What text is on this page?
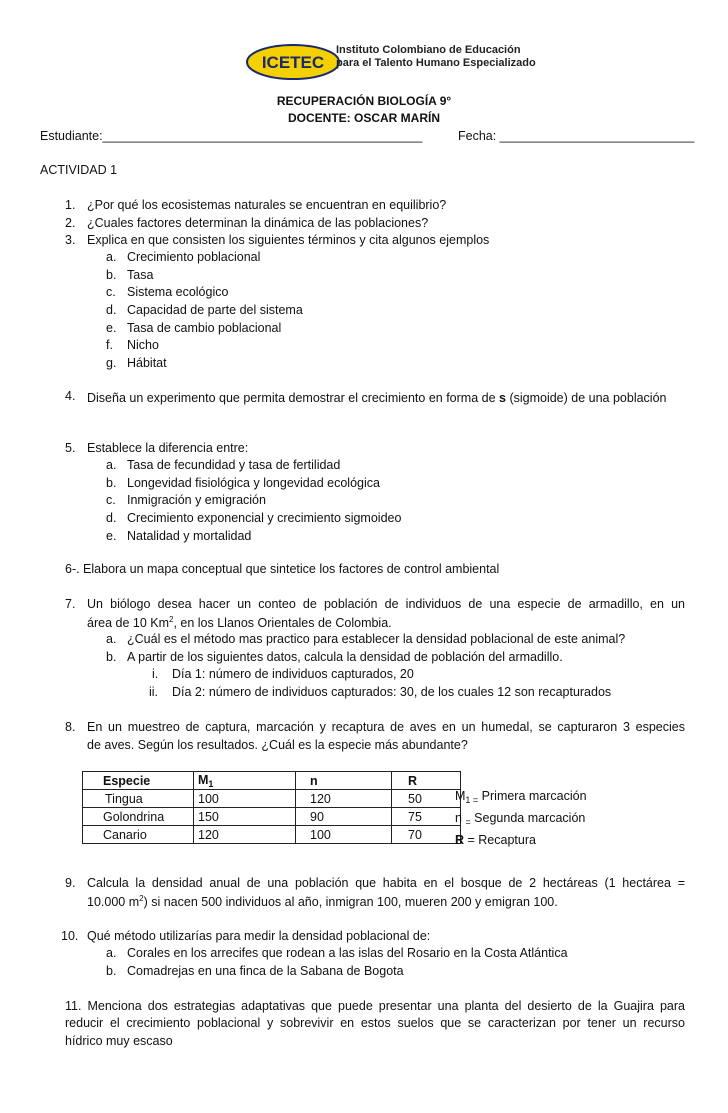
ICETEC
Instituto Colombiano de Educación
para el Talento Humano Especializado
RECUPERACIÓN BIOLOGÍA 9°
DOCENTE: OSCAR MARÍN
Estudiante:______________________________________________	Fecha: ____________________________
ACTIVIDAD 1
1. ¿Por qué los ecosistemas naturales se encuentran en equilibrio?
2. ¿Cuales factores determinan la dinámica de las poblaciones?
3. Explica en que consisten los siguientes términos y cita algunos ejemplos
a. Crecimiento poblacional
b. Tasa
c. Sistema ecológico
d. Capacidad de parte del sistema
e. Tasa de cambio poblacional
f. Nicho
g. Hábitat
4. Diseña un experimento que permita demostrar el crecimiento en forma de s (sigmoide) de una población
5. Establece la diferencia entre:
a. Tasa de fecundidad y tasa de fertilidad
b. Longevidad fisiológica y longevidad ecológica
c. Inmigración y emigración
d. Crecimiento exponencial y crecimiento sigmoideo
e. Natalidad y mortalidad
6-. Elabora un mapa conceptual que sintetice los factores de control ambiental
7. Un biólogo desea hacer un conteo de población de individuos de una especie de armadillo, en un
área de 10 Km$^2$, en los Llanos Orientales de Colombia.
a. ¿Cuál es el método mas practico para establecer la densidad poblacional de este animal?
b. A partir de los siguientes datos, calcula la densidad de población del armadillo.
i. Día 1: número de individuos capturados, 20
ii. Día 2: número de individuos capturados: 30, de los cuales 12 son recapturados
8. En un muestreo de captura, marcación y recaptura de aves en un humedal, se capturaron 3 especies
de aves. Según los resultados. ¿Cuál es la especie más abundante?
Especie	$M_1$	n	R
Tingua	100	120	50
Golondrina	150	90	75
Canario	120	100	70
$M_{1 =}$ Primera marcación
n $_=$ Segunda marcación
R = Recaptura
9. Calcula la densidad anual de una población que habita en el bosque de 2 hectáreas (1 hectárea =
10.000 $m^2$) si nacen 500 individuos al año, inmigran 100, mueren 200 y emigran 100.
10. Qué método utilizarías para medir la densidad poblacional de:
a. Corales en los arrecifes que rodean a las islas del Rosario en la Costa Atlántica
b. Comadrejas en una finca de la Sabana de Bogota
11. Menciona dos estrategias adaptativas que puede presentar una planta del desierto de la Guajira para
reducir el crecimiento poblacional y sobrevivir en estos suelos que se caracterizan por tener un recurso
hídrico muy escaso
